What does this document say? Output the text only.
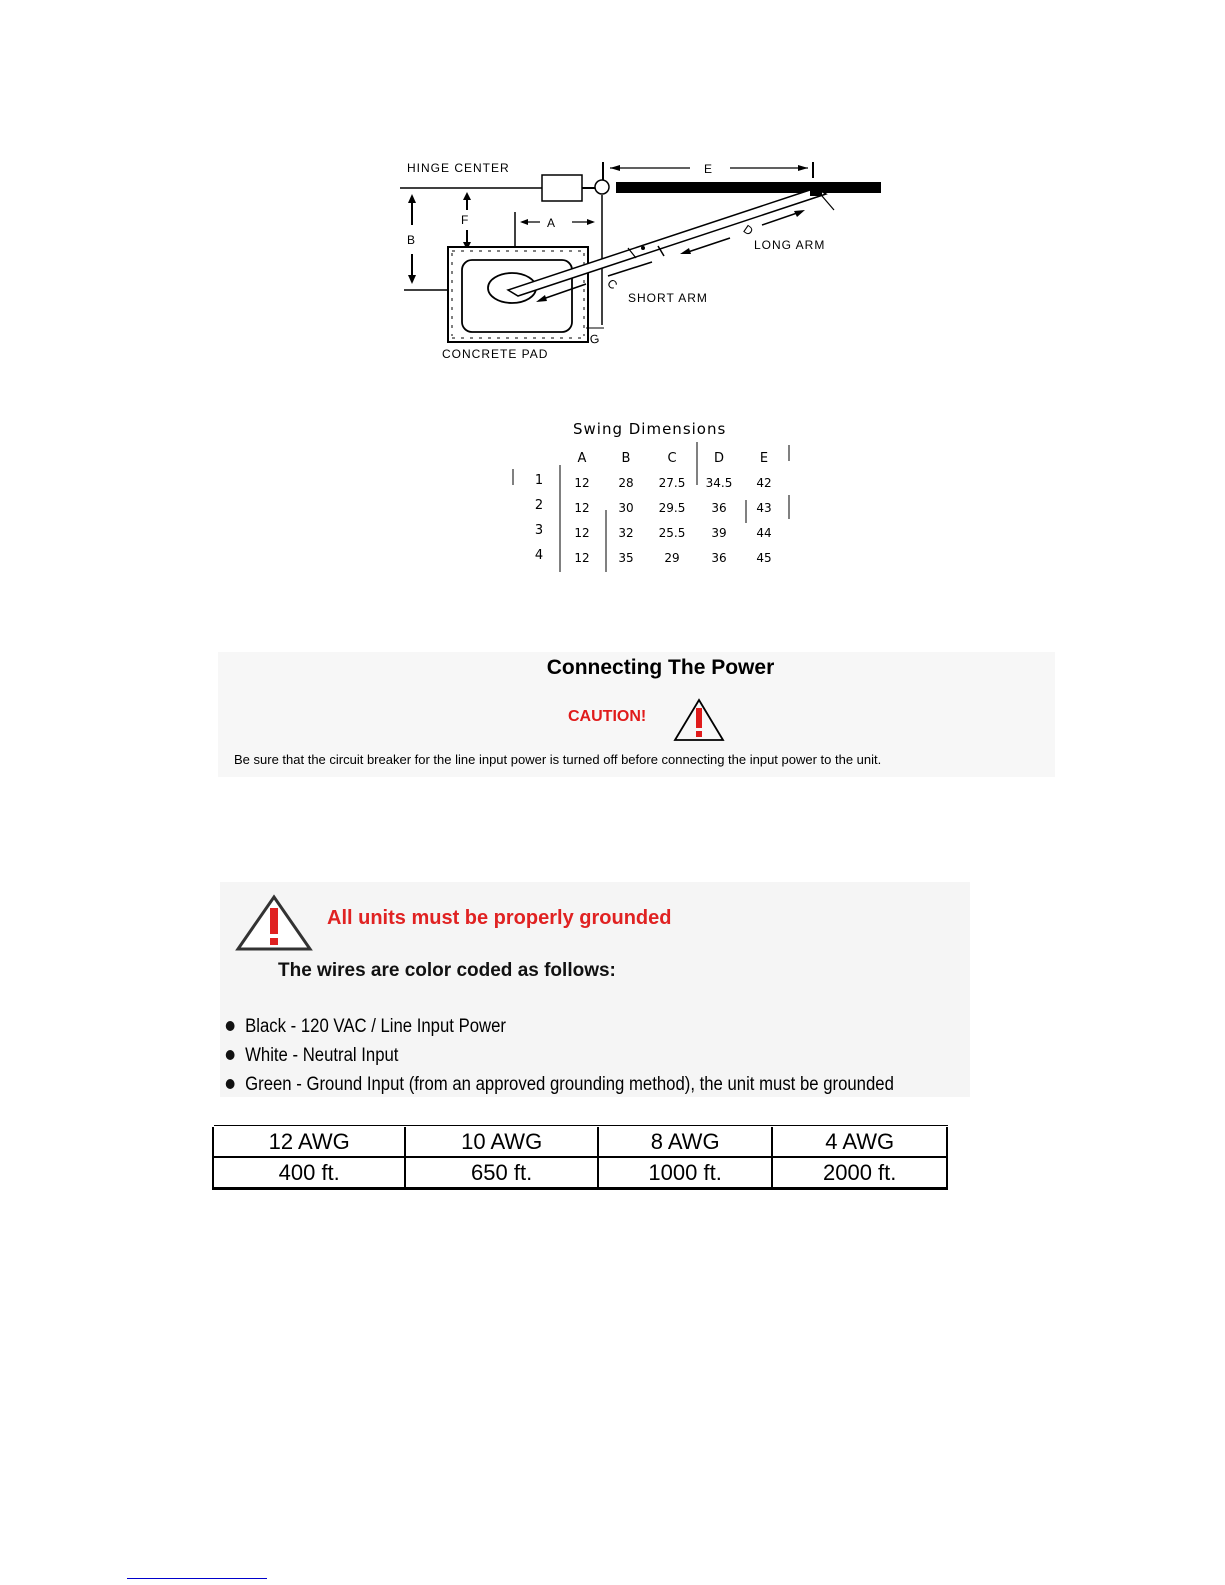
HINGE CENTER	E
F
B
A	D
LONG ARM
C
SHORT ARM
G
CONCRETE PAD
Swing Dimensions
A	B	C	D	E
1	12 28 27.5 34.5 42
2	12 30 29.5 36 43
3	12 32 25.5 39 44
4	12 35	29	36 45
Connecting The Power
CAUTION!
Be sure that the circuit breaker for the line input power is turned off before connecting the input power to the unit.
All units must be properly grounded
The wires are color coded as follows:
Black - 120 VAC / Line Input Power
White - Neutral Input
Green - Ground Input (from an approved grounding method), the unit must be grounded
12 AWG	10 AWG	8 AWG	4 AWG
400 ft.	650 ft.	1000 ft.	2000 ft.
